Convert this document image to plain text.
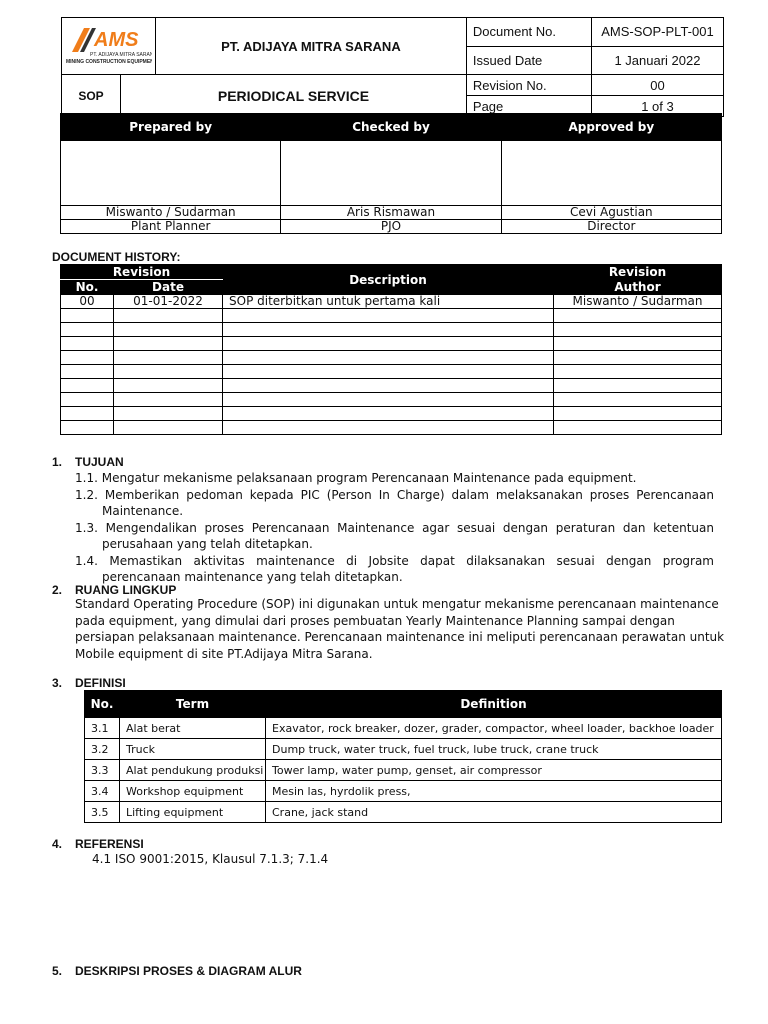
AMS
PT. ADIJAYA MITRA SARANA
MINING CONSTRUCTION EQUIPMENT		PT. ADIJAYA MITRA SARANA	Document No.	AMS-SOP-PLT-001
			Issued Date	1 Januari 2022
SOP	PERIODICAL SERVICE		Revision No.	00
			Page	1 of 3
Prepared by	Checked by	Approved by

Miswanto / Sudarman	Aris Rismawan	Cevi Agustian
Plant Planner	PJO	Director
DOCUMENT HISTORY:
Revision		Description	Revision
No.	Date		Author
00	01-01-2022	SOP diterbitkan untuk pertama kali	Miswanto / Sudarman

1. TUJUAN
1.1. Mengatur mekanisme pelaksanaan program Perencanaan Maintenance pada equipment.
1.2. Memberikan pedoman kepada PIC (Person In Charge) dalam melaksanakan proses Perencanaan Maintenance.
1.3. Mengendalikan proses Perencanaan Maintenance agar sesuai dengan peraturan dan ketentuan perusahaan yang telah ditetapkan.
1.4. Memastikan aktivitas maintenance di Jobsite dapat dilaksanakan sesuai dengan program perencanaan maintenance yang telah ditetapkan.
2. RUANG LINGKUP
Standard Operating Procedure (SOP) ini digunakan untuk mengatur mekanisme perencanaan maintenance pada equipment, yang dimulai dari proses pembuatan Yearly Maintenance Planning sampai dengan persiapan pelaksanaan maintenance. Perencanaan maintenance ini meliputi perencanaan perawatan untuk Mobile equipment di site PT.Adijaya Mitra Sarana.
3. DEFINISI
No.	Term	Definition
3.1	Alat berat	Exavator, rock breaker, dozer, grader, compactor, wheel loader, backhoe loader
3.2	Truck	Dump truck, water truck, fuel truck, lube truck, crane truck
3.3	Alat pendukung produksi	Tower lamp, water pump, genset, air compressor
3.4	Workshop equipment	Mesin las, hyrdolik press,
3.5	Lifting equipment	Crane, jack stand
4. REFERENSI
4.1 ISO 9001:2015, Klausul 7.1.3; 7.1.4
5. DESKRIPSI PROSES & DIAGRAM ALUR
